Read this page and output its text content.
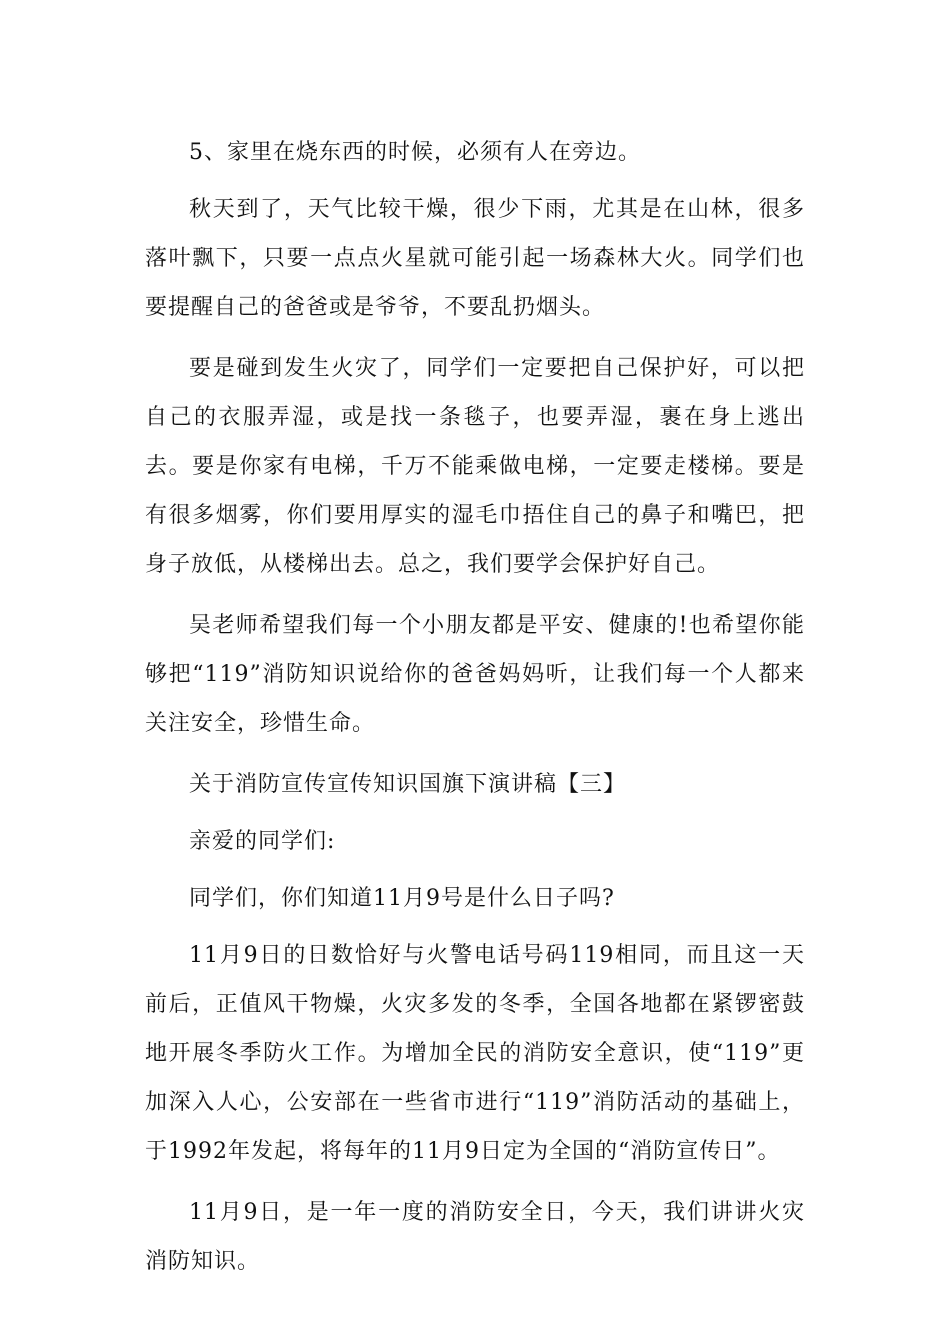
5、家里在烧东西的时候，必须有人在旁边。

秋天到了，天气比较干燥，很少下雨，尤其是在山林，很多落叶飘下，只要一点点火星就可能引起一场森林大火。同学们也要提醒自己的爸爸或是爷爷，不要乱扔烟头。

要是碰到发生火灾了，同学们一定要把自己保护好，可以把自己的衣服弄湿，或是找一条毯子，也要弄湿，裹在身上逃出去。要是你家有电梯，千万不能乘做电梯，一定要走楼梯。要是有很多烟雾，你们要用厚实的湿毛巾捂住自己的鼻子和嘴巴，把身子放低，从楼梯出去。总之，我们要学会保护好自己。

吴老师希望我们每一个小朋友都是平安、健康的!也希望你能够把“119”消防知识说给你的爸爸妈妈听，让我们每一个人都来关注安全，珍惜生命。

关于消防宣传宣传知识国旗下演讲稿【三】

亲爱的同学们:

同学们，你们知道11月9号是什么日子吗?

11月9日的日数恰好与火警电话号码119相同，而且这一天前后，正值风干物燥，火灾多发的冬季，全国各地都在紧锣密鼓地开展冬季防火工作。为增加全民的消防安全意识，使“119”更加深入人心，公安部在一些省市进行“119”消防活动的基础上，于1992年发起，将每年的11月9日定为全国的“消防宣传日”。

11月9日，是一年一度的消防安全日，今天，我们讲讲火灾消防知识。
